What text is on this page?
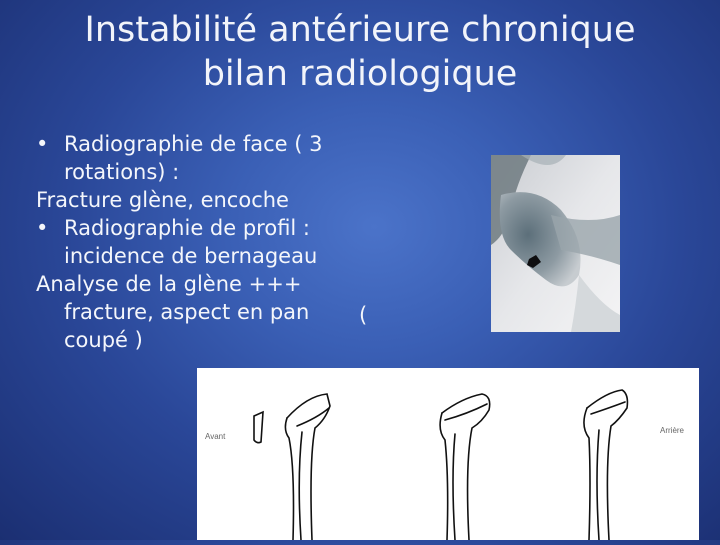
Instabilité antérieure chronique
bilan radiologique
• Radiographie de face ( 3
rotations) :
Fracture glène, encoche
• Radiographie de profil :
incidence de bernageau
Analyse de la glène +++
fracture, aspect en pan
coupé )
(
Avant
Arrière
